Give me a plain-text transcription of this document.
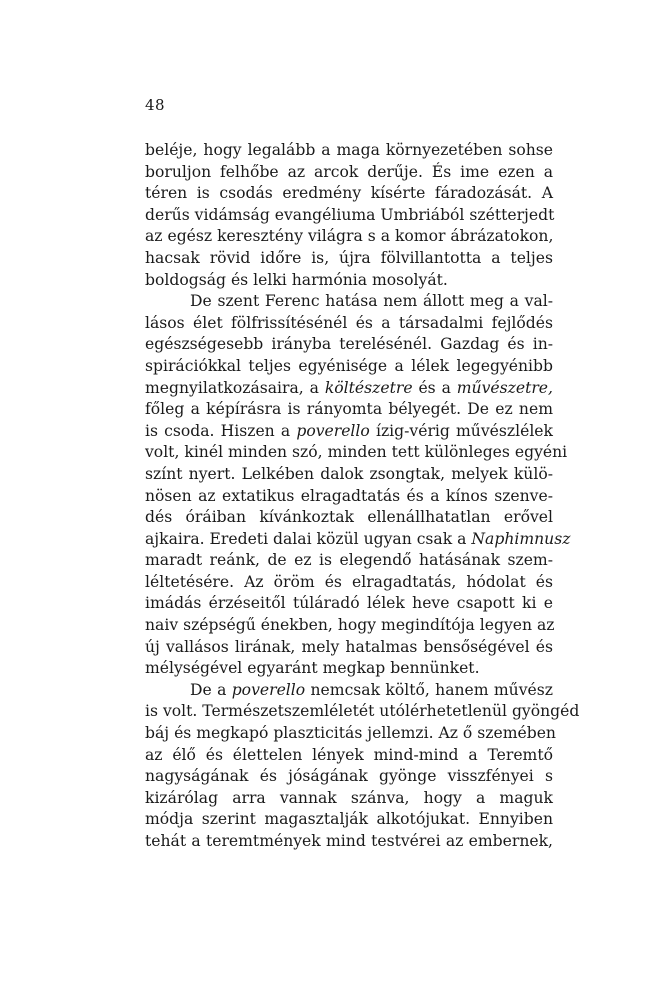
48
beléje, hogy legalább a maga környezetében sohse
boruljon felhőbe az arcok derűje. És ime ezen a
téren is csodás eredmény kísérte fáradozását. A
derűs vidámság evangéliuma Umbriából szétterjedt
az egész keresztény világra s a komor ábrázatokon,
hacsak rövid időre is, újra fölvillantotta a teljes
boldogság és lelki harmónia mosolyát.
De szent Ferenc hatása nem állott meg a val-
lásos élet fölfrissítésénél és a társadalmi fejlődés
egészségesebb irányba terelésénél. Gazdag és in-
spirációkkal teljes egyénisége a lélek legegyénibb
megnyilatkozásaira, a költészetre és a művészetre,
főleg a képírásra is rányomta bélyegét. De ez nem
is csoda. Hiszen a poverello ízig-vérig művészlélek
volt, kinél minden szó, minden tett különleges egyéni
színt nyert. Lelkében dalok zsongtak, melyek külö-
nösen az extatikus elragadtatás és a kínos szenve-
dés óráiban kívánkoztak ellenállhatatlan erővel
ajkaira. Eredeti dalai közül ugyan csak a Naphimnusz
maradt reánk, de ez is elegendő hatásának szem-
léltetésére. Az öröm és elragadtatás, hódolat és
imádás érzéseitől túláradó lélek heve csapott ki e
naiv szépségű énekben, hogy megindítója legyen az
új vallásos lirának, mely hatalmas bensőségével és
mélységével egyaránt megkap bennünket.
De a poverello nemcsak költő, hanem művész
is volt. Természetszemléletét utólérhetetlenül gyöngéd
báj és megkapó plaszticitás jellemzi. Az ő szemében
az élő és élettelen lények mind-mind a Teremtő
nagyságának és jóságának gyönge visszfényei s
kizárólag arra vannak szánva, hogy a maguk
módja szerint magasztalják alkotójukat. Ennyiben
tehát a teremtmények mind testvérei az embernek,
